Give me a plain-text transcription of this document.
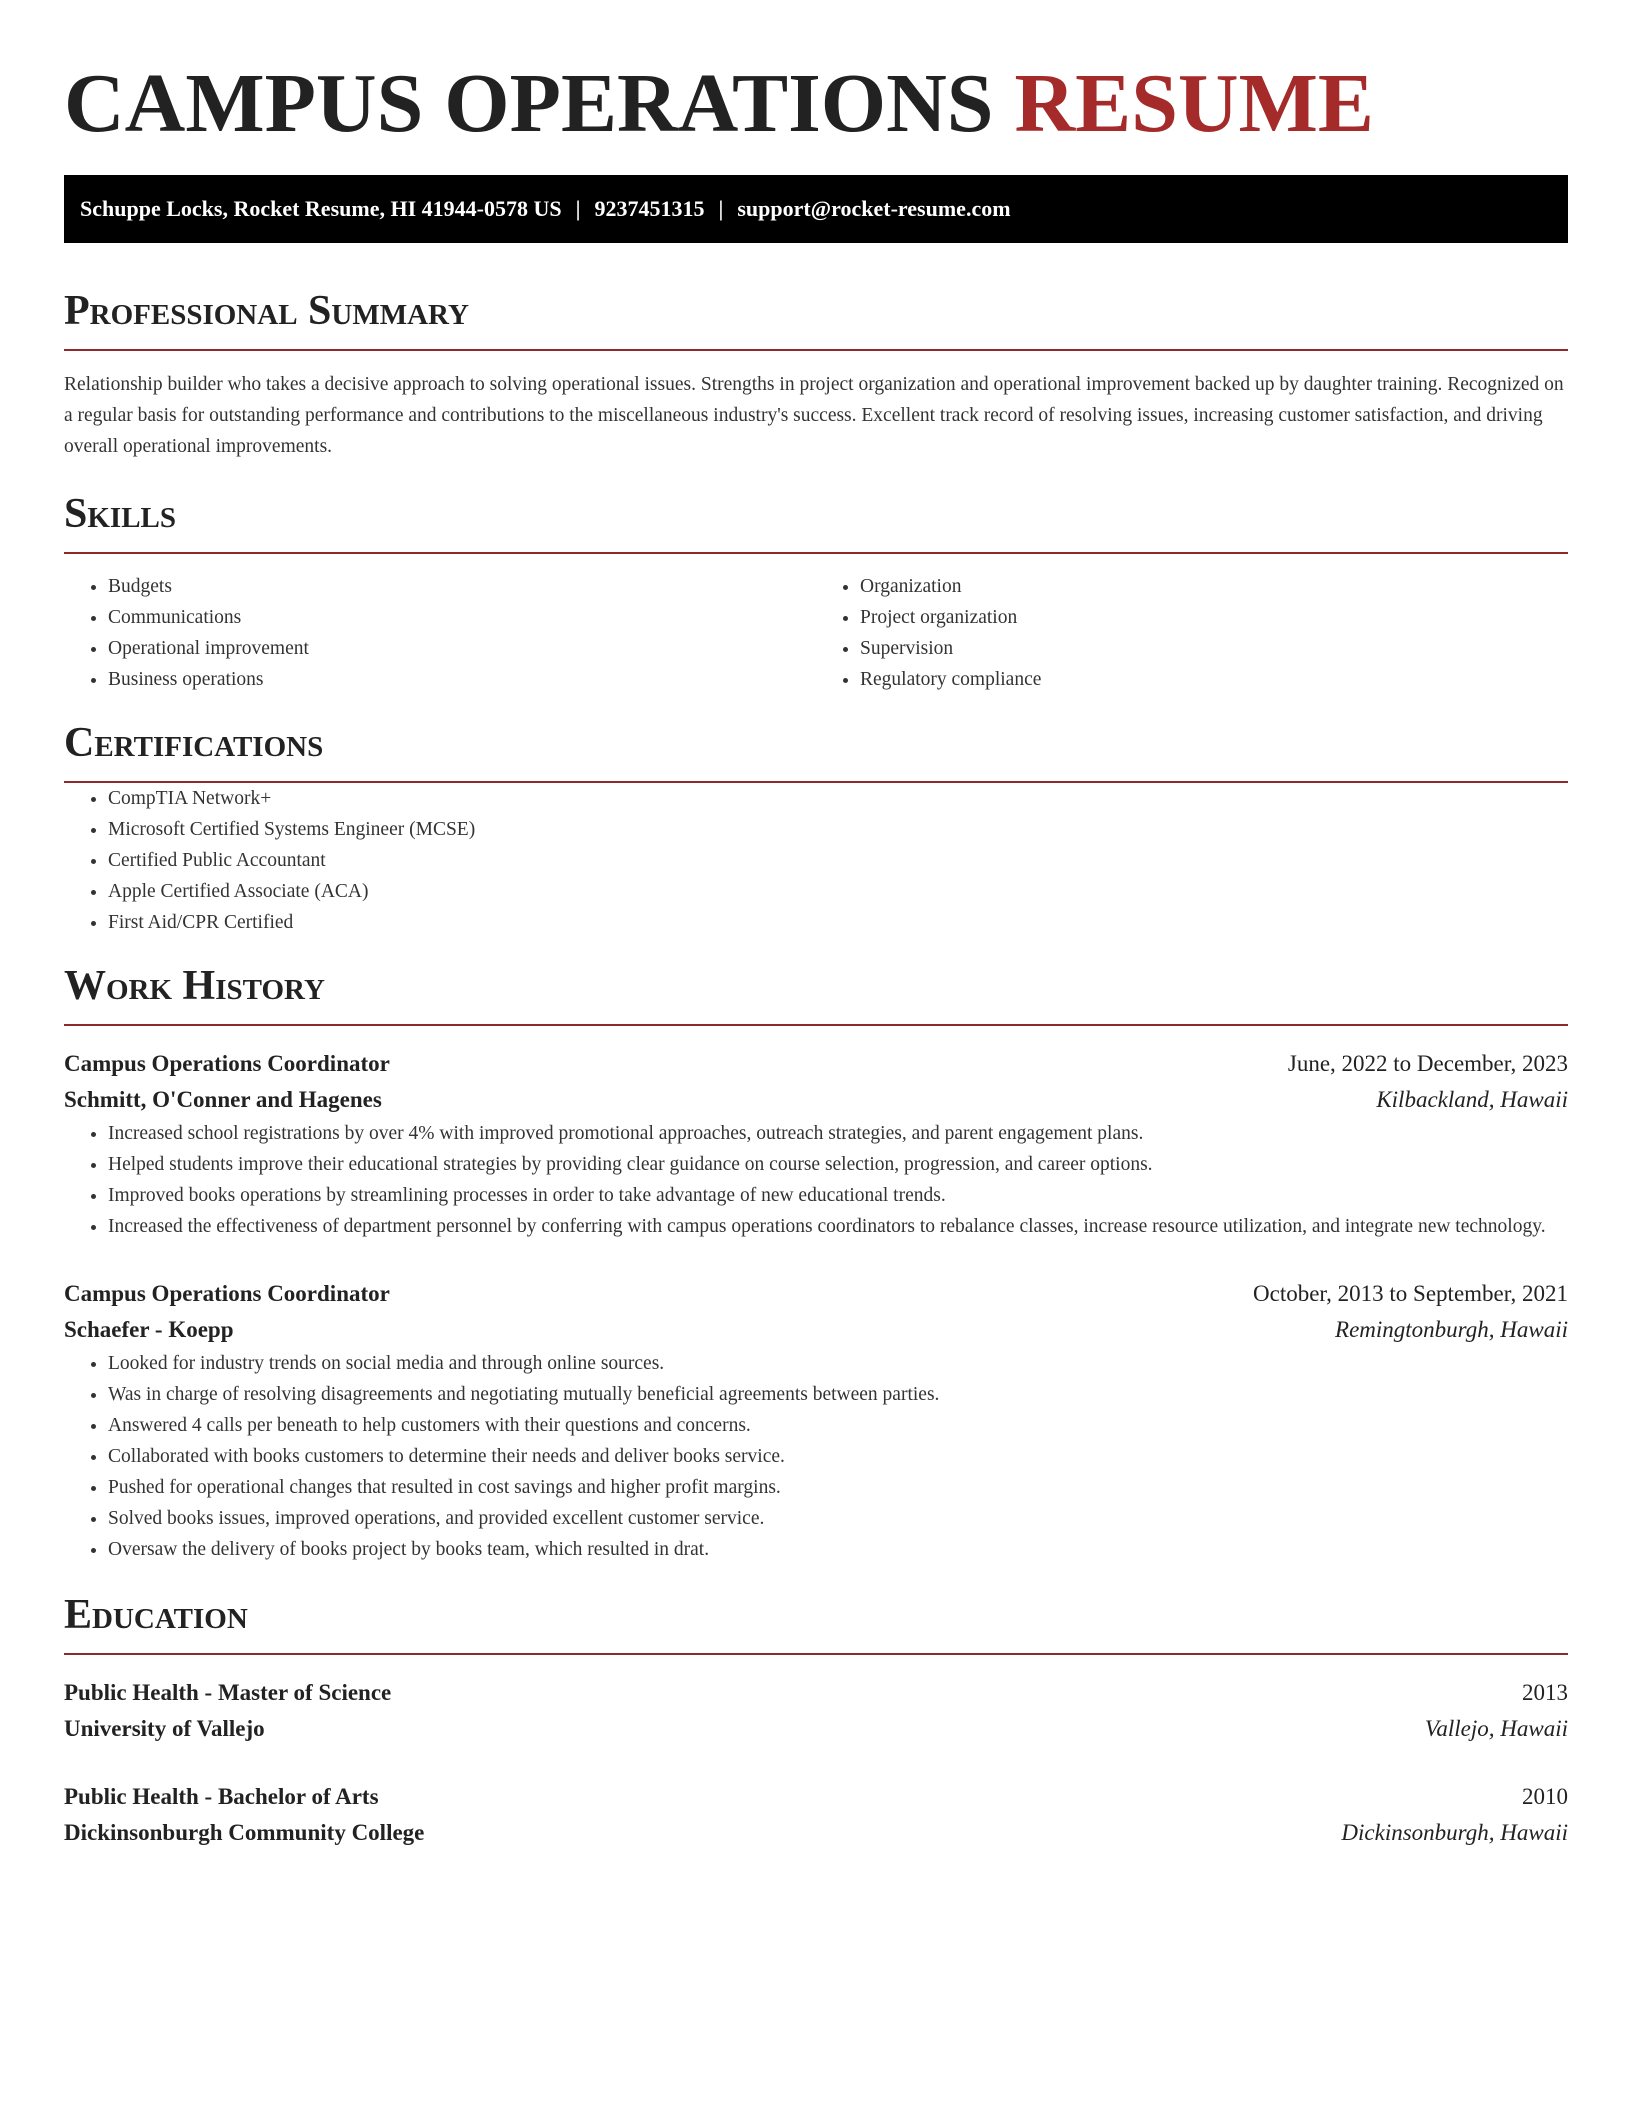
CAMPUS OPERATIONS RESUME
Schuppe Locks, Rocket Resume, HI 41944-0578 US | 9237451315 | support@rocket-resume.com
Professional Summary

Relationship builder who takes a decisive approach to solving operational issues. Strengths in project organization and operational improvement backed up by daughter training. Recognized on a regular basis for outstanding performance and contributions to the miscellaneous industry's success. Excellent track record of resolving issues, increasing customer satisfaction, and driving overall operational improvements.

Skills
• Budgets
• Communications
• Operational improvement
• Business operations
• Organization
• Project organization
• Supervision
• Regulatory compliance
Certifications
• CompTIA Network+
• Microsoft Certified Systems Engineer (MCSE)
• Certified Public Accountant
• Apple Certified Associate (ACA)
• First Aid/CPR Certified
Work History
Campus Operations Coordinator	June, 2022 to December, 2023
Schmitt, O'Conner and Hagenes	Kilbackland, Hawaii
• Increased school registrations by over 4% with improved promotional approaches, outreach strategies, and parent engagement plans.
• Helped students improve their educational strategies by providing clear guidance on course selection, progression, and career options.
• Improved books operations by streamlining processes in order to take advantage of new educational trends.
• Increased the effectiveness of department personnel by conferring with campus operations coordinators to rebalance classes, increase resource utilization, and integrate new technology.
Campus Operations Coordinator	October, 2013 to September, 2021
Schaefer - Koepp	Remingtonburgh, Hawaii
• Looked for industry trends on social media and through online sources.
• Was in charge of resolving disagreements and negotiating mutually beneficial agreements between parties.
• Answered 4 calls per beneath to help customers with their questions and concerns.
• Collaborated with books customers to determine their needs and deliver books service.
• Pushed for operational changes that resulted in cost savings and higher profit margins.
• Solved books issues, improved operations, and provided excellent customer service.
• Oversaw the delivery of books project by books team, which resulted in drat.
Education
Public Health - Master of Science	2013
University of Vallejo	Vallejo, Hawaii
Public Health - Bachelor of Arts	2010
Dickinsonburgh Community College	Dickinsonburgh, Hawaii
